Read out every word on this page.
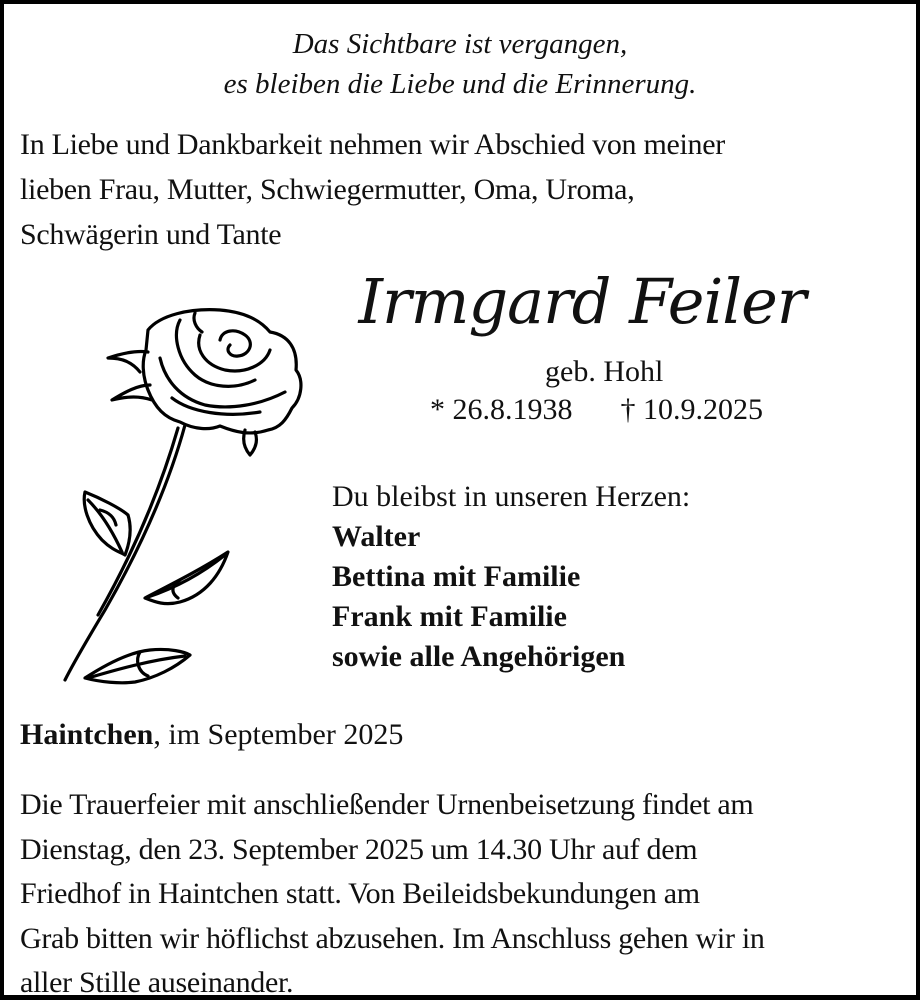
Das Sichtbare ist vergangen,
es bleiben die Liebe und die Erinnerung.
In Liebe und Dankbarkeit nehmen wir Abschied von meiner
lieben Frau, Mutter, Schwiegermutter, Oma, Uroma,
Schwägerin und Tante
Irmgard Feiler
geb. Hohl
* 26.8.1938 † 10.9.2025
Du bleibst in unseren Herzen:
Walter
Bettina mit Familie
Frank mit Familie
sowie alle Angehörigen
Haintchen, im September 2025
Die Trauerfeier mit anschließender Urnenbeisetzung findet am
Dienstag, den 23. September 2025 um 14.30 Uhr auf dem
Friedhof in Haintchen statt. Von Beileidsbekundungen am
Grab bitten wir höflichst abzusehen. Im Anschluss gehen wir in
aller Stille auseinander.
